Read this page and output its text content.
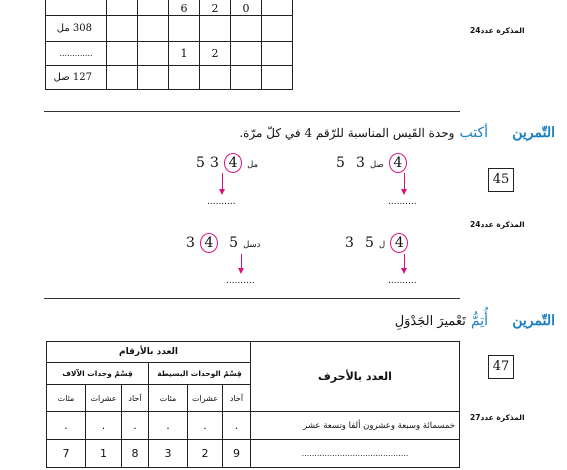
			6	2	0	
308 مل						
.............			1	2		
127 صل						
المذكرة عدد24
التّمرين  أكتب وحدة القَيس المناسبة للرّقم 4 في كلّ مرّة.
45
المذكرة عدد24
مل 4 3 5
..........
صل 3 5	4
..........
دسل 5 4 3
..........
ل 5 3	4
..........
التّمرين  أُتِمُّ تَعْميرَ الجَدْوَلِ
47
المذكرة عدد27
العدد بالأرقام						العدد بالأحرف
قِسْمُ وحدات الآلاف			قِسْمُ الوحدات البسيطة			
مئات	عشرات	آحاد	مئات	عشرات	آحاد	
.	.	.	.	.	.	خمسمائة وسبعة وعشرون ألفا وتسعة عشر
7	1	8	3	2	9	..........................................
